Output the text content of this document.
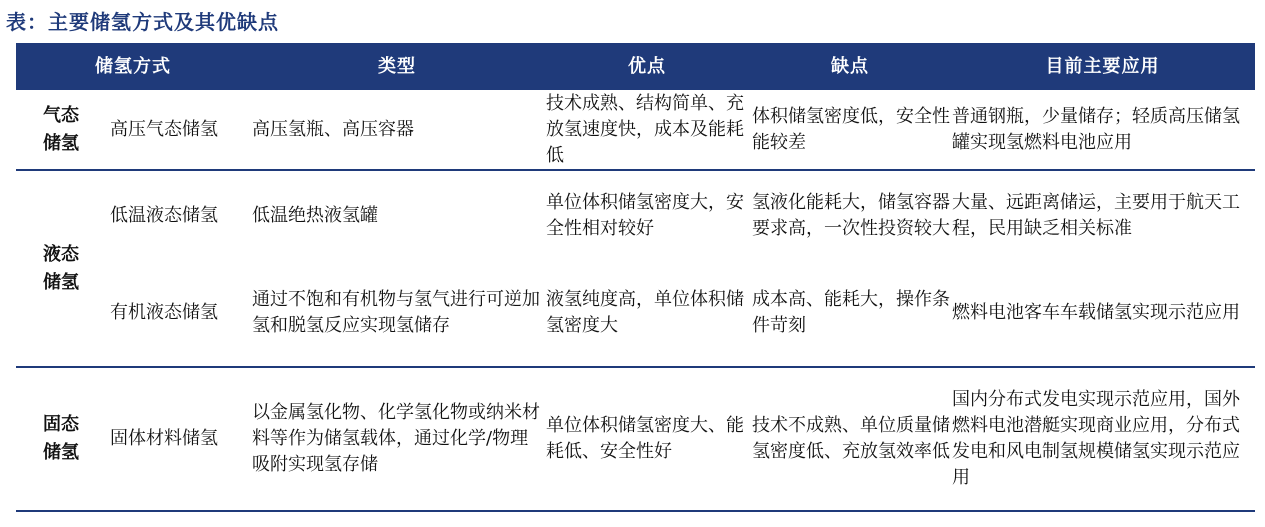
表：主要储氢方式及其优缺点
储氢方式		类型	优点	缺点	目前主要应用
气态储氢	高压气态储氢	高压氢瓶、高压容器	技术成熟、结构简单、充放氢速度快，成本及能耗低	体积储氢密度低，安全性能较差	普通钢瓶，少量储存；轻质高压储氢罐实现氢燃料电池应用
液态储氢	低温液态储氢	低温绝热液氢罐	单位体积储氢密度大，安全性相对较好	氢液化能耗大，储氢容器要求高，一次性投资较大	大量、远距离储运，主要用于航天工程，民用缺乏相关标准
	有机液态储氢	通过不饱和有机物与氢气进行可逆加氢和脱氢反应实现氢储存	液氢纯度高，单位体积储氢密度大	成本高、能耗大，操作条件苛刻	燃料电池客车车载储氢实现示范应用
固态储氢	固体材料储氢	以金属氢化物、化学氢化物或纳米材料等作为储氢载体，通过化学/物理吸附实现氢存储	单位体积储氢密度大、能耗低、安全性好	技术不成熟、单位质量储氢密度低、充放氢效率低	国内分布式发电实现示范应用，国外燃料电池潜艇实现商业应用，分布式发电和风电制氢规模储氢实现示范应用
